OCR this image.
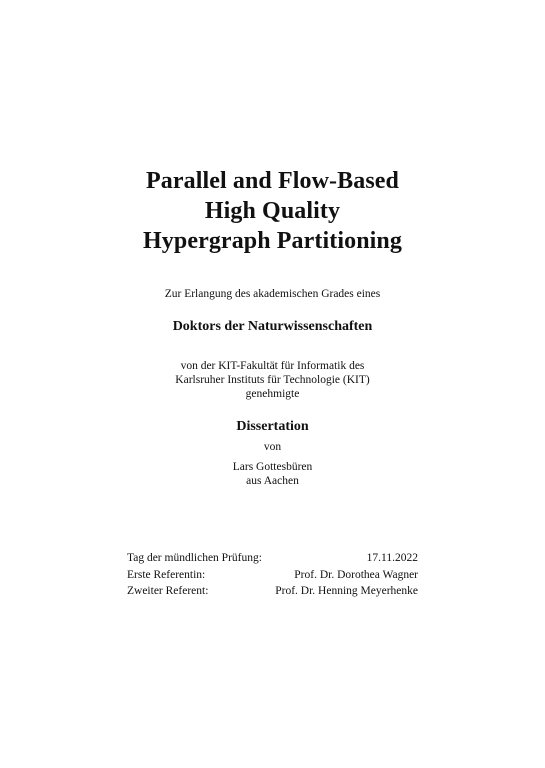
Parallel and Flow-Based
High Quality
Hypergraph Partitioning
Zur Erlangung des akademischen Grades eines
Doktors der Naturwissenschaften
von der KIT-Fakultät für Informatik des
Karlsruher Instituts für Technologie (KIT)
genehmigte
Dissertation
von
Lars Gottesbüren
aus Aachen
Tag der mündlichen Prüfung:	17.11.2022
Erste Referentin:	Prof. Dr. Dorothea Wagner
Zweiter Referent:	Prof. Dr. Henning Meyerhenke
